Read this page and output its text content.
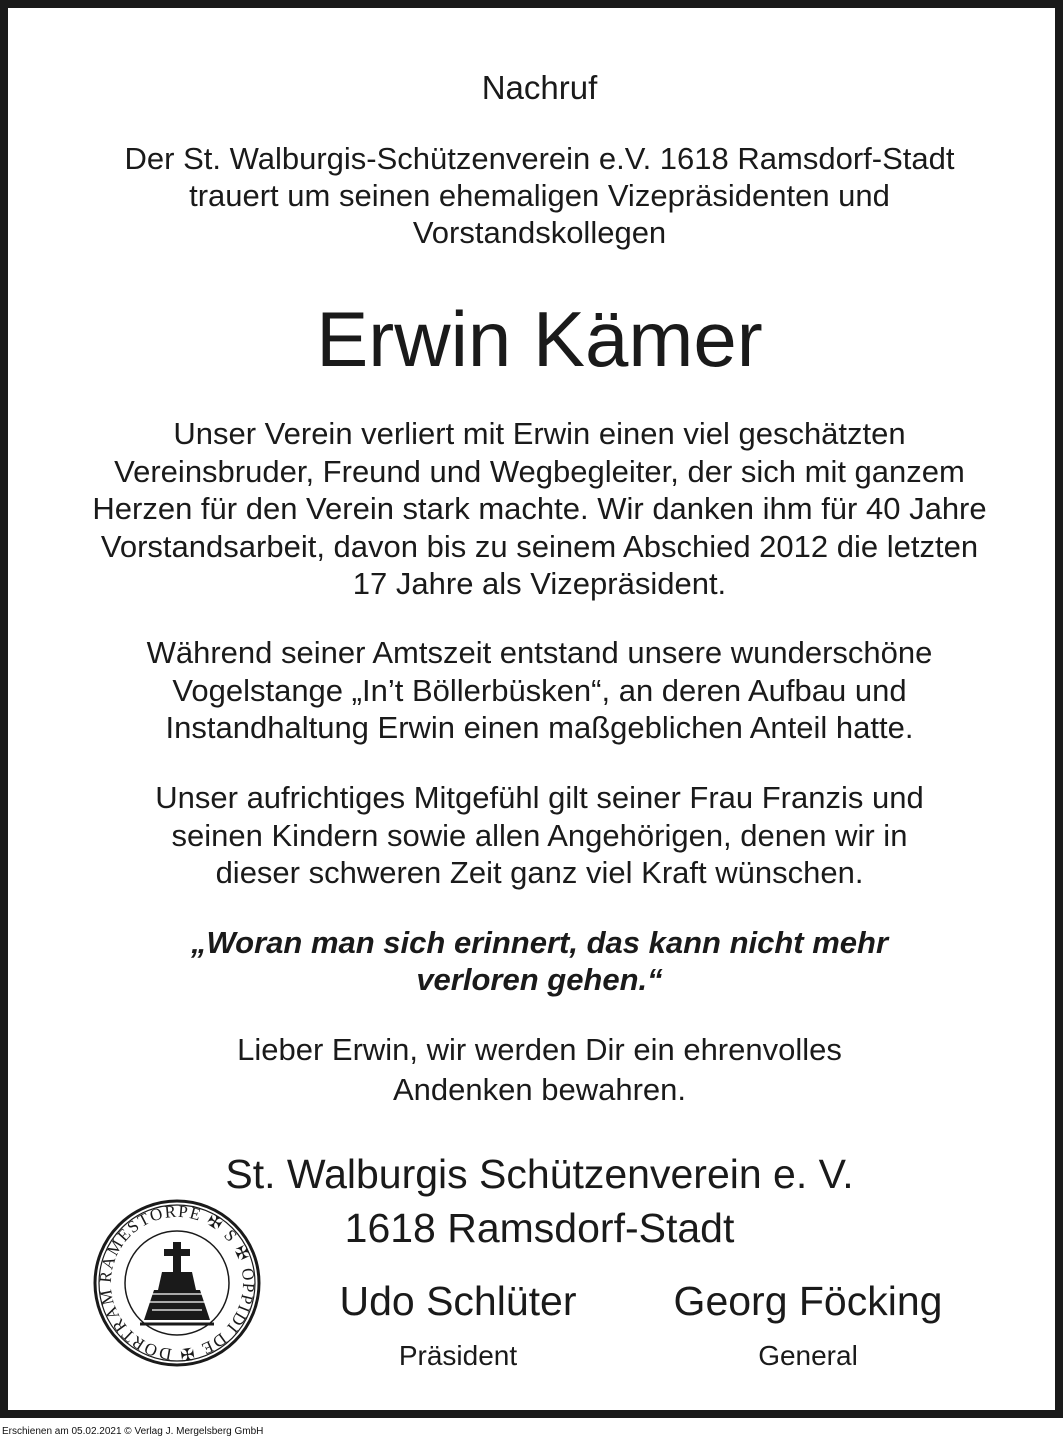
Nachruf
Der St. Walburgis-Schützenverein e.V. 1618 Ramsdorf-Stadt
trauert um seinen ehemaligen Vizepräsidenten und
Vorstandskollegen
Erwin Kämer
Unser Verein verliert mit Erwin einen viel geschätzten
Vereinsbruder, Freund und Wegbegleiter, der sich mit ganzem
Herzen für den Verein stark machte. Wir danken ihm für 40 Jahre
Vorstandsarbeit, davon bis zu seinem Abschied 2012 die letzten
17 Jahre als Vizepräsident.
Während seiner Amtszeit entstand unsere wunderschöne
Vogelstange „In’t Böllerbüsken“, an deren Aufbau und
Instandhaltung Erwin einen maßgeblichen Anteil hatte.
Unser aufrichtiges Mitgefühl gilt seiner Frau Franzis und
seinen Kindern sowie allen Angehörigen, denen wir in
dieser schweren Zeit ganz viel Kraft wünschen.
„Woran man sich erinnert, das kann nicht mehr
verloren gehen.“
Lieber Erwin, wir werden Dir ein ehrenvolles
Andenken bewahren.
St. Walburgis Schützenverein e. V.
1618 Ramsdorf-Stadt
RAMESTORPE ✠ S ✠ OPPIDI DE ✠ DORTRAM	Udo Schlüter
Präsident
Georg Föcking
General
Erschienen am 05.02.2021 © Verlag J. Mergelsberg GmbH
